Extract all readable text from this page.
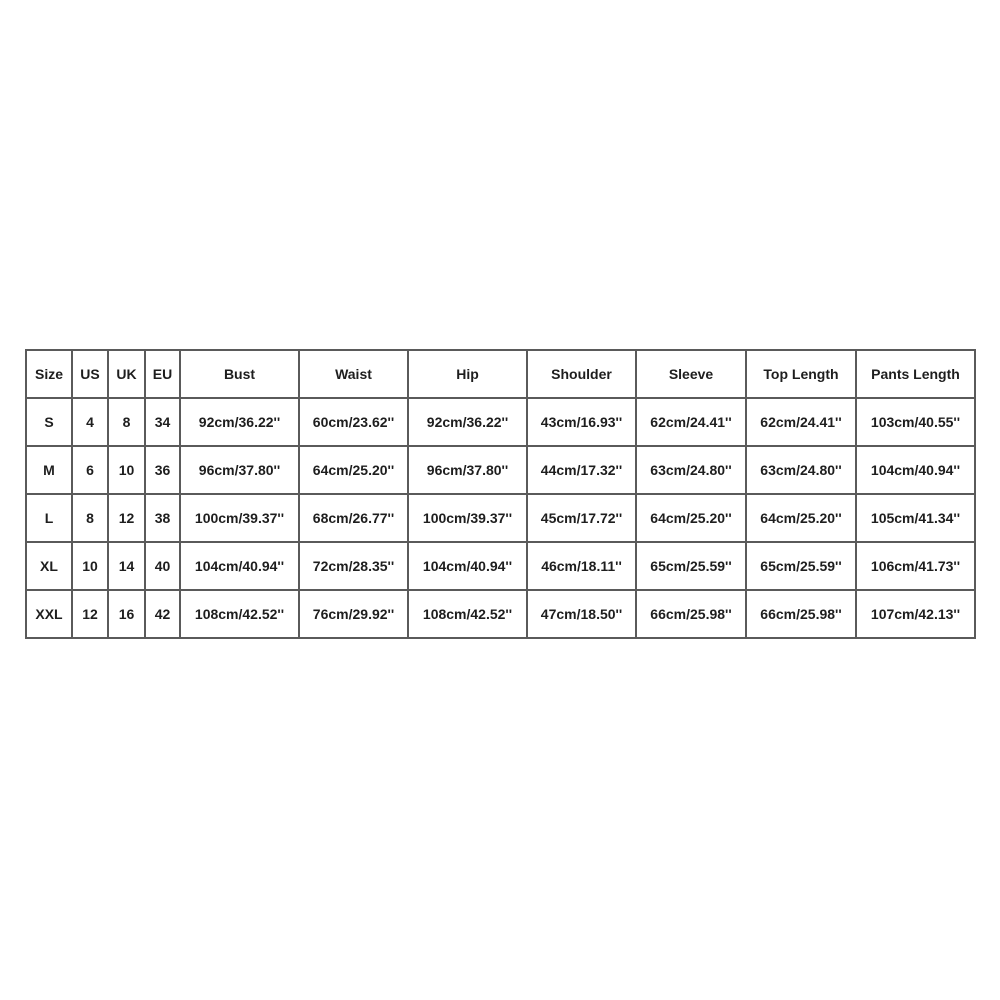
Size	US	UK	EU	Bust	Waist	Hip	Shoulder	Sleeve	Top Length	Pants Length
S	4	8	34	92cm/36.22''	60cm/23.62''	92cm/36.22''	43cm/16.93''	62cm/24.41''	62cm/24.41''	103cm/40.55''
M	6	10	36	96cm/37.80''	64cm/25.20''	96cm/37.80''	44cm/17.32''	63cm/24.80''	63cm/24.80''	104cm/40.94''
L	8	12	38	100cm/39.37''	68cm/26.77''	100cm/39.37''	45cm/17.72''	64cm/25.20''	64cm/25.20''	105cm/41.34''
XL	10	14	40	104cm/40.94''	72cm/28.35''	104cm/40.94''	46cm/18.11''	65cm/25.59''	65cm/25.59''	106cm/41.73''
XXL	12	16	42	108cm/42.52''	76cm/29.92''	108cm/42.52''	47cm/18.50''	66cm/25.98''	66cm/25.98''	107cm/42.13''
